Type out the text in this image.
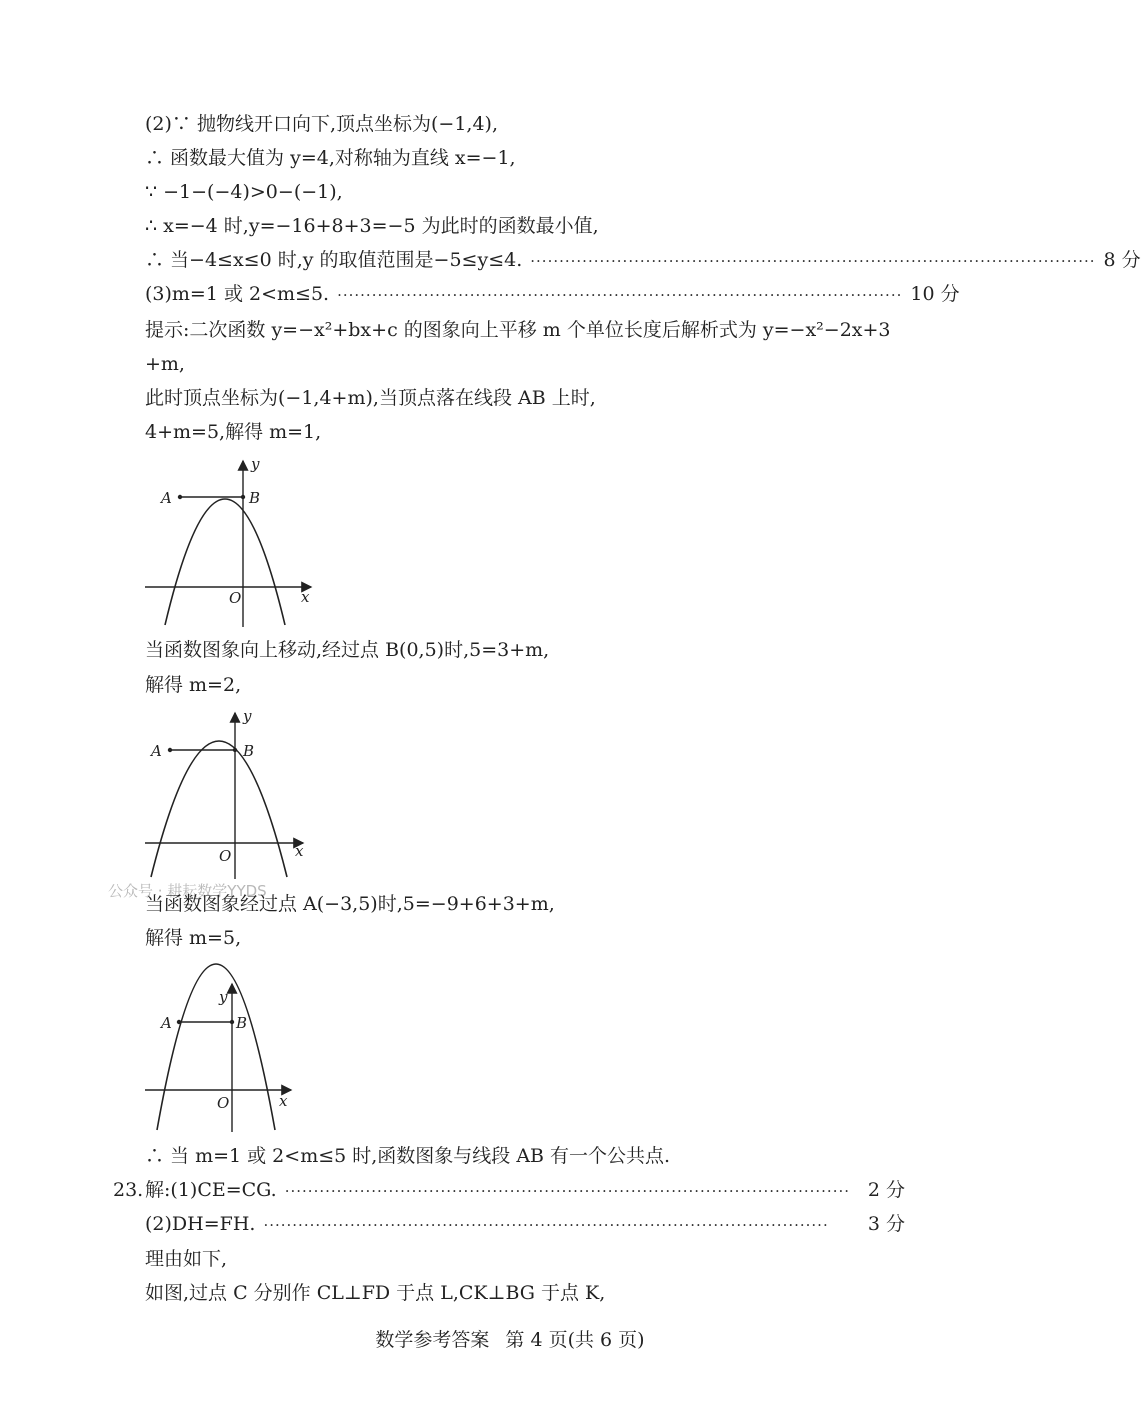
(2)∵ 抛物线开口向下,顶点坐标为(−1,4),
∴ 函数最大值为 y=4,对称轴为直线 x=−1,
∵ −1−(−4)>0−(−1),
∴ x=−4 时,y=−16+8+3=−5 为此时的函数最小值,
∴ 当−4≤x≤0 时,y 的取值范围是−5≤y≤4. ·································································································· 8 分
(3)m=1 或 2<m≤5. ·································································································· 10 分
提示:二次函数 y=−x²+bx+c 的图象向上平移 m 个单位长度后解析式为 y=−x²−2x+3
+m,
此时顶点坐标为(−1,4+m),当顶点落在线段 AB 上时,
4+m=5,解得 m=1,
A	B
O	x
y
当函数图象向上移动,经过点 B(0,5)时,5=3+m,
解得 m=2,
A	B
O	x
y
公众号 · 耕耘数学YYDS
当函数图象经过点 A(−3,5)时,5=−9+6+3+m,
解得 m=5,
A	B
O	x
y
∴ 当 m=1 或 2<m≤5 时,函数图象与线段 AB 有一个公共点.
23. 解:(1)CE=CG. ·································································································· 2 分
(2)DH=FH. ··································································································	3 分
理由如下,
如图,过点 C 分别作 CL⊥FD 于点 L,CK⊥BG 于点 K,
数学参考答案 第 4 页(共 6 页)
